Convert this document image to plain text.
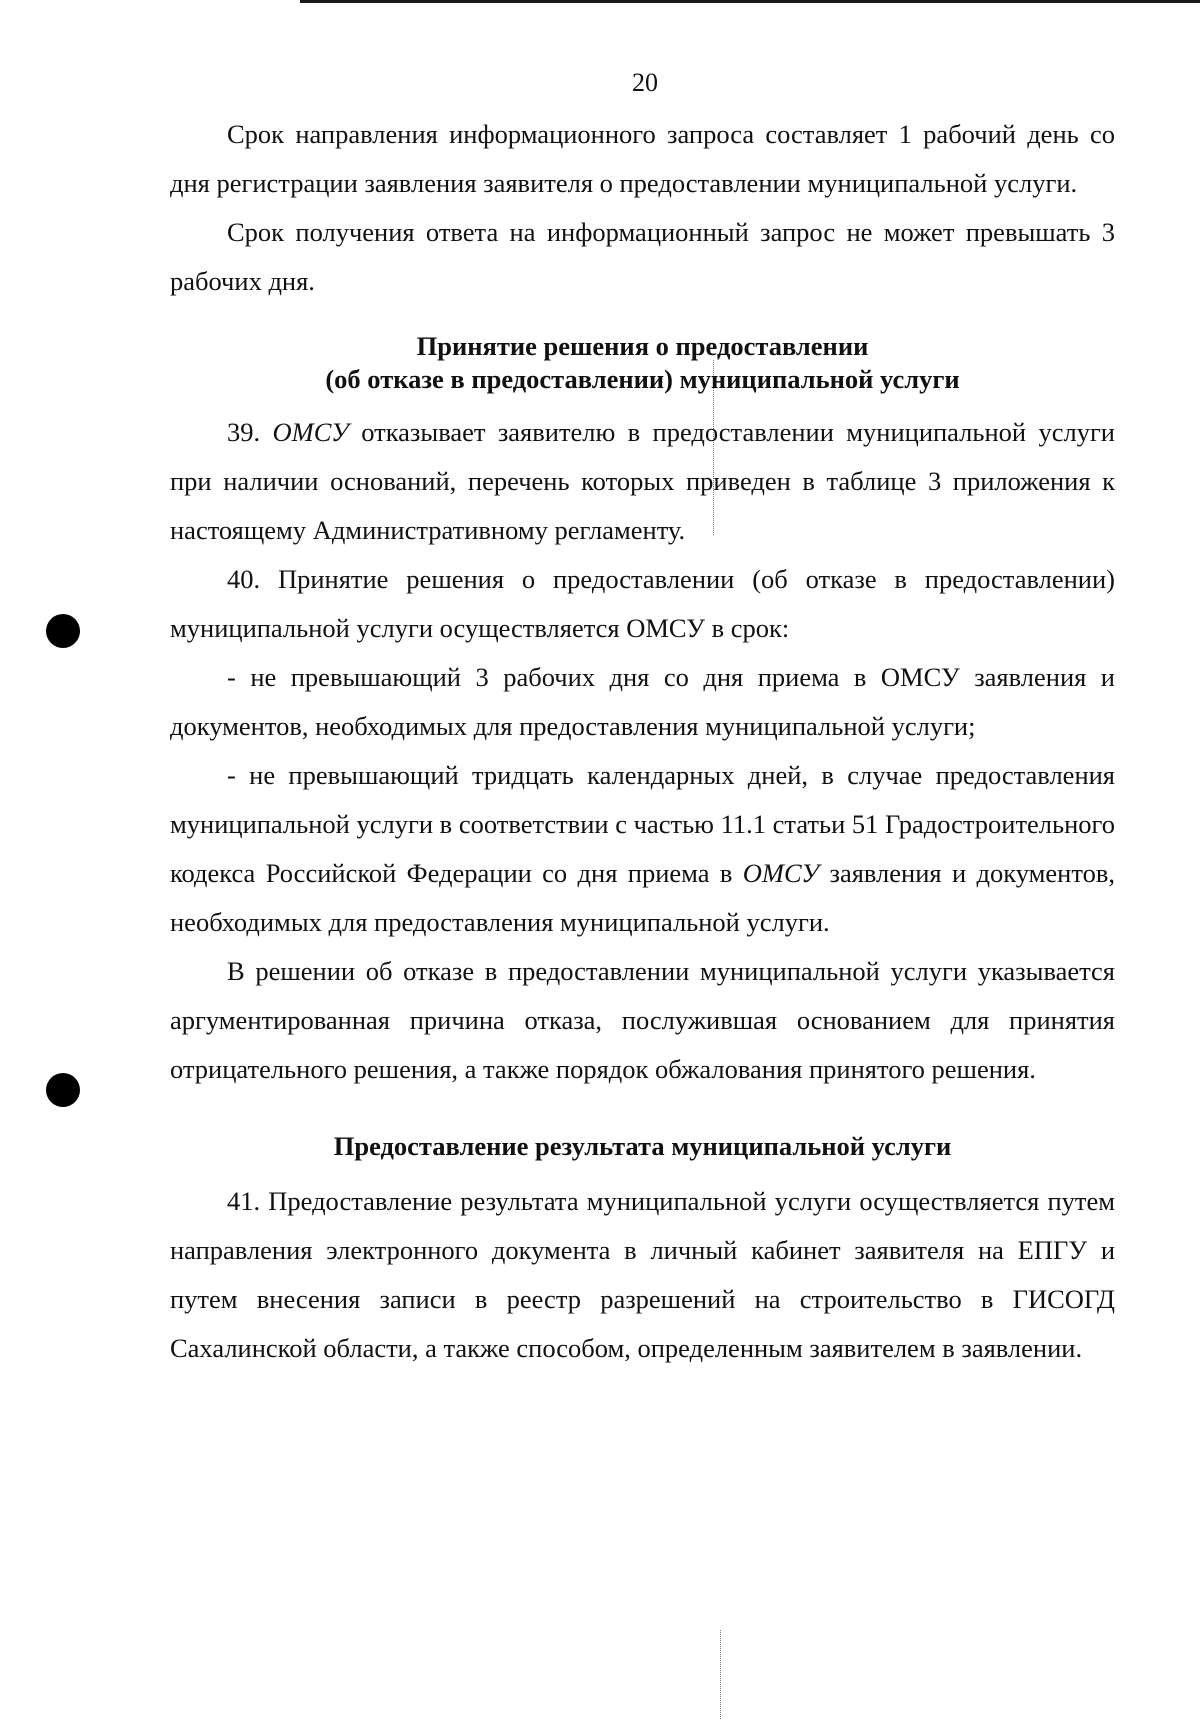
20

Срок направления информационного запроса составляет 1 рабочий день со дня регистрации заявления заявителя о предоставлении муниципальной услуги.

Срок получения ответа на информационный запрос не может превышать 3 рабочих дня.

Принятие решения о предоставлении

(об отказе в предоставлении) муниципальной услуги

39. ОМСУ отказывает заявителю в предоставлении муниципальной услуги при наличии оснований, перечень которых приведен в таблице 3 приложения к настоящему Административному регламенту.

40. Принятие решения о предоставлении (об отказе в предоставлении) муниципальной услуги осуществляется ОМСУ в срок:

- не превышающий 3 рабочих дня со дня приема в ОМСУ заявления и документов, необходимых для предоставления муниципальной услуги;

- не превышающий тридцать календарных дней, в случае предоставления муниципальной услуги в соответствии с частью 11.1 статьи 51 Градостроительного кодекса Российской Федерации со дня приема в ОМСУ заявления и документов, необходимых для предоставления муниципальной услуги.

В решении об отказе в предоставлении муниципальной услуги указывается аргументированная причина отказа, послужившая основанием для принятия отрицательного решения, а также порядок обжалования принятого решения.

Предоставление результата муниципальной услуги

41. Предоставление результата муниципальной услуги осуществляется путем направления электронного документа в личный кабинет заявителя на ЕПГУ и путем внесения записи в реестр разрешений на строительство в ГИСОГД Сахалинской области, а также способом, определенным заявителем в заявлении.
